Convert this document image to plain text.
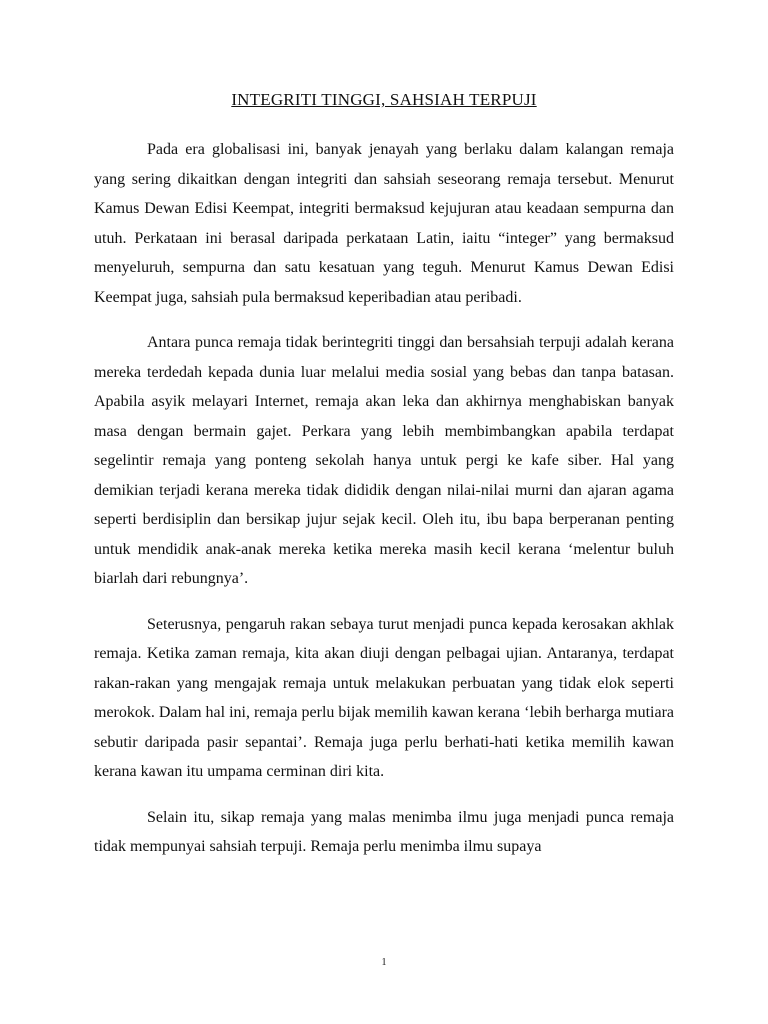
INTEGRITI TINGGI, SAHSIAH TERPUJI

Pada era globalisasi ini, banyak jenayah yang berlaku dalam kalangan remaja yang sering dikaitkan dengan integriti dan sahsiah seseorang remaja tersebut. Menurut Kamus Dewan Edisi Keempat, integriti bermaksud kejujuran atau keadaan sempurna dan utuh. Perkataan ini berasal daripada perkataan Latin, iaitu “integer” yang bermaksud menyeluruh, sempurna dan satu kesatuan yang teguh. Menurut Kamus Dewan Edisi Keempat juga, sahsiah pula bermaksud keperibadian atau peribadi.

Antara punca remaja tidak berintegriti tinggi dan bersahsiah terpuji adalah kerana mereka terdedah kepada dunia luar melalui media sosial yang bebas dan tanpa batasan. Apabila asyik melayari Internet, remaja akan leka dan akhirnya menghabiskan banyak masa dengan bermain gajet. Perkara yang lebih membimbangkan apabila terdapat segelintir remaja yang ponteng sekolah hanya untuk pergi ke kafe siber. Hal yang demikian terjadi kerana mereka tidak dididik dengan nilai-nilai murni dan ajaran agama seperti berdisiplin dan bersikap jujur sejak kecil. Oleh itu, ibu bapa berperanan penting untuk mendidik anak-anak mereka ketika mereka masih kecil kerana ‘melentur buluh biarlah dari rebungnya’.

Seterusnya, pengaruh rakan sebaya turut menjadi punca kepada kerosakan akhlak remaja. Ketika zaman remaja, kita akan diuji dengan pelbagai ujian. Antaranya, terdapat rakan-rakan yang mengajak remaja untuk melakukan perbuatan yang tidak elok seperti merokok. Dalam hal ini, remaja perlu bijak memilih kawan kerana ‘lebih berharga mutiara sebutir daripada pasir sepantai’. Remaja juga perlu berhati-hati ketika memilih kawan kerana kawan itu umpama cerminan diri kita.

Selain itu, sikap remaja yang malas menimba ilmu juga menjadi punca remaja tidak mempunyai sahsiah terpuji. Remaja perlu menimba ilmu supaya

1
